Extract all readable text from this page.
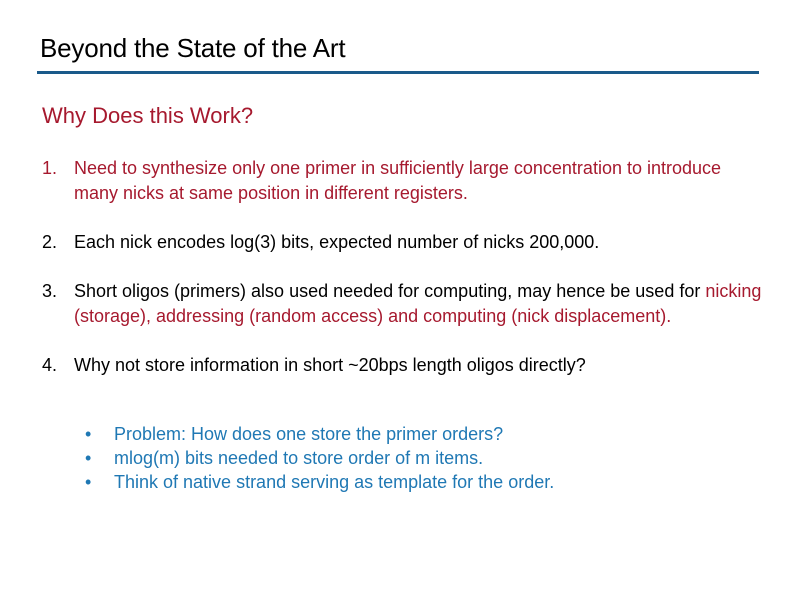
Beyond the State of the Art
Why Does this Work?
1. Need to synthesize only one primer in sufficiently large concentration to introduce many nicks at same position in different registers.
2. Each nick encodes log(3) bits, expected number of nicks 200,000.
3. Short oligos (primers) also used needed for computing, may hence be used for nicking (storage), addressing (random access) and computing (nick displacement).
4. Why not store information in short ~20bps length oligos directly?
• Problem: How does one store the primer orders?
• mlog(m) bits needed to store order of m items.
• Think of native strand serving as template for the order.
